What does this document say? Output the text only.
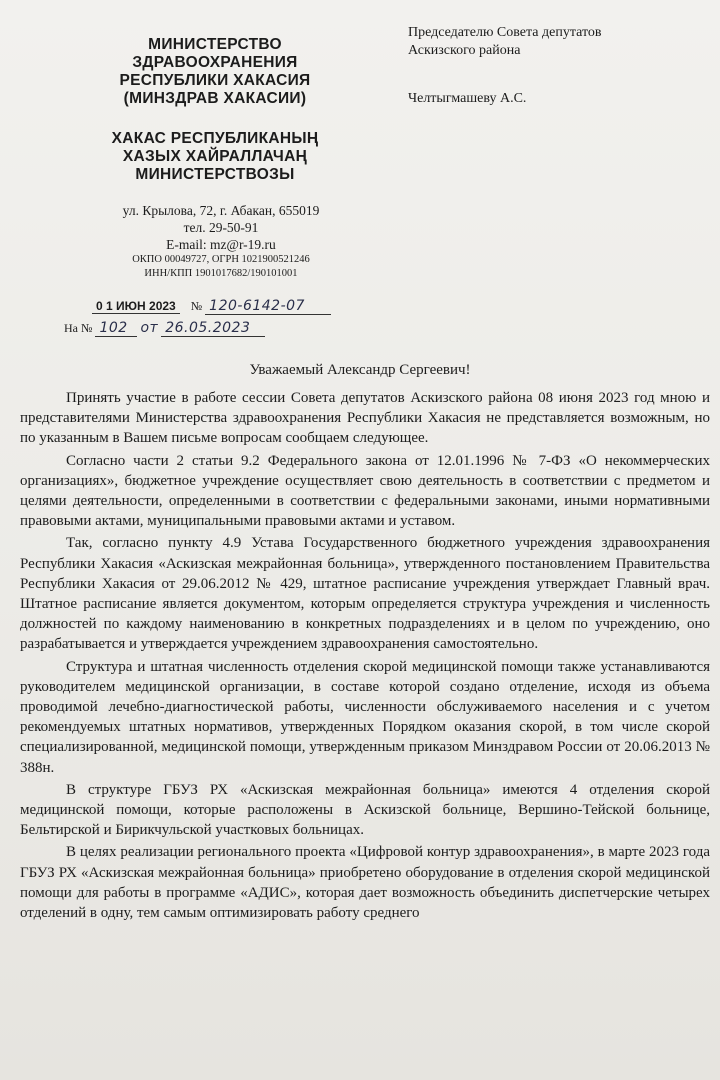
МИНИСТЕРСТВО
ЗДРАВООХРАНЕНИЯ
РЕСПУБЛИКИ ХАКАСИЯ
(МИНЗДРАВ ХАКАСИИ)
ХАКАС РЕСПУБЛИКАНЫҢ
ХАЗЫХ ХАЙРАЛЛАЧАҢ
МИНИСТЕРСТВОЗЫ
ул. Крылова, 72, г. Абакан, 655019
тел. 29-50-91
E-mail: mz@r-19.ru
ОКПО 00049727, ОГРН 1021900521246
ИНН/КПП 1901017682/190101001
0 1 ИЮН 2023 № 120-6142-07
На № 102 от 26.05.2023
Председателю Совета депутатов
Аскизского района
Челтыгмашеву А.С.
Уважаемый Александр Сергеевич!

Принять участие в работе сессии Совета депутатов Аскизского района 08 июня 2023 год мною и представителями Министерства здравоохранения Республики Хакасия не представляется возможным, но по указанным в Вашем письме вопросам сообщаем следующее.

Согласно части 2 статьи 9.2 Федерального закона от 12.01.1996 № 7-ФЗ «О некоммерческих организациях», бюджетное учреждение осуществляет свою деятельность в соответствии с предметом и целями деятельности, определенными в соответствии с федеральными законами, иными нормативными правовыми актами, муниципальными правовыми актами и уставом.

Так, согласно пункту 4.9 Устава Государственного бюджетного учреждения здравоохранения Республики Хакасия «Аскизская межрайонная больница», утвержденного постановлением Правительства Республики Хакасия от 29.06.2012 № 429, штатное расписание учреждения утверждает Главный врач. Штатное расписание является документом, которым определяется структура учреждения и численность должностей по каждому наименованию в конкретных подразделениях и в целом по учреждению, оно разрабатывается и утверждается учреждением здравоохранения самостоятельно.

Структура и штатная численность отделения скорой медицинской помощи также устанавливаются руководителем медицинской организации, в составе которой создано отделение, исходя из объема проводимой лечебно-диагностической работы, численности обслуживаемого населения и с учетом рекомендуемых штатных нормативов, утвержденных Порядком оказания скорой, в том числе скорой специализированной, медицинской помощи, утвержденным приказом Минздравом России от 20.06.2013 № 388н.

В структуре ГБУЗ РХ «Аскизская межрайонная больница» имеются 4 отделения скорой медицинской помощи, которые расположены в Аскизской больнице, Вершино-Тейской больнице, Бельтирской и Бирикчульской участковых больницах.

В целях реализации регионального проекта «Цифровой контур здравоохранения», в марте 2023 года ГБУЗ РХ «Аскизская межрайонная больница» приобретено оборудование в отделения скорой медицинской помощи для работы в программе «АДИС», которая дает возможность объединить диспетчерские четырех отделений в одну, тем самым оптимизировать работу среднего
